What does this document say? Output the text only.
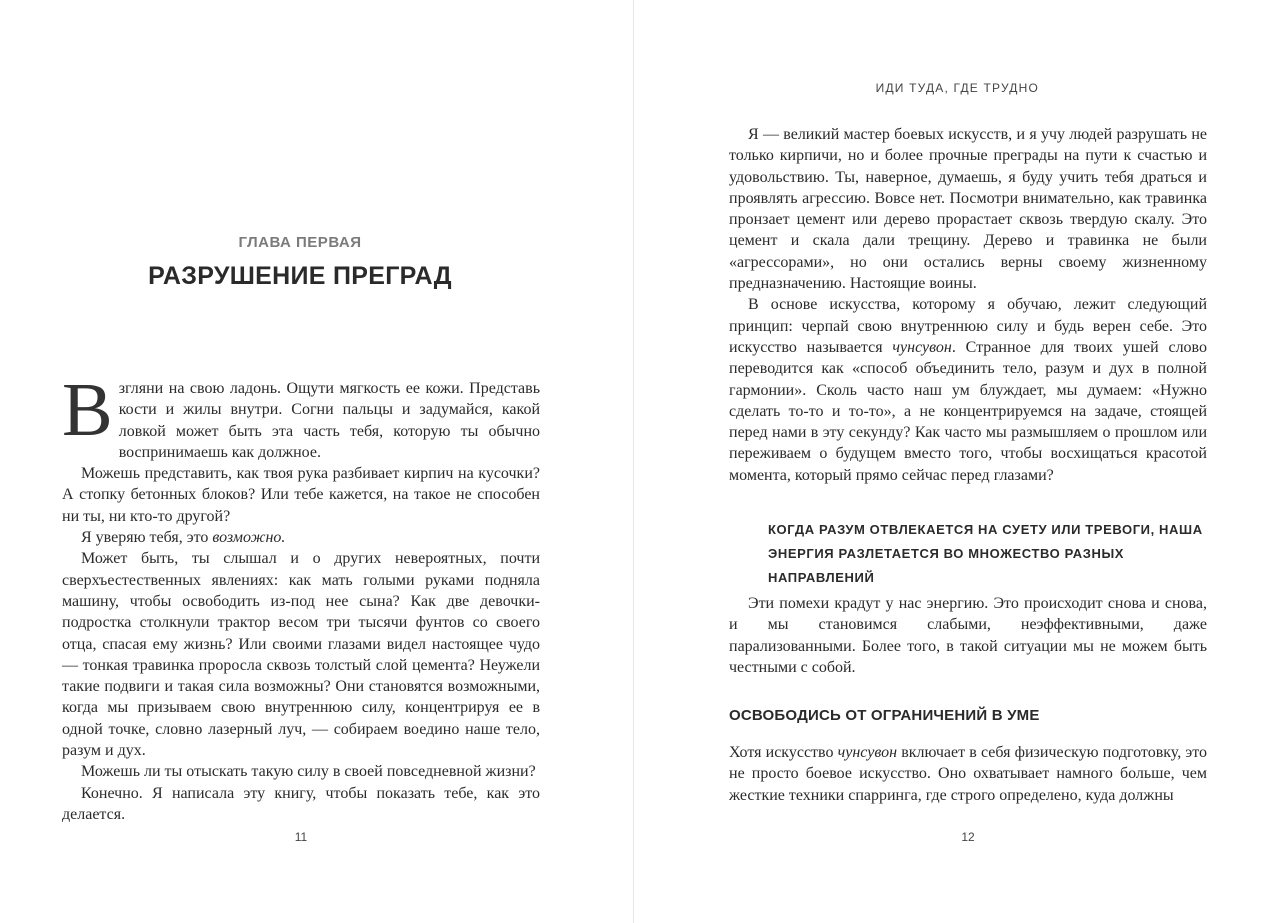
ГЛАВА ПЕРВАЯ
РАЗРУШЕНИЕ ПРЕГРАД

Взгляни на свою ладонь. Ощути мягкость ее кожи. Представь кости и жилы внутри. Согни пальцы и задумайся, какой ловкой может быть эта часть тебя, которую ты обычно воспринимаешь как должное.

Можешь представить, как твоя рука разбивает кирпич на кусочки? А стопку бетонных блоков? Или тебе кажется, на такое не способен ни ты, ни кто-то другой?

Я уверяю тебя, это возможно.

Может быть, ты слышал и о других невероятных, почти сверхъестественных явлениях: как мать голыми руками подняла машину, чтобы освободить из-под нее сына? Как две девочки-подростка столкнули трактор весом три тысячи фунтов со своего отца, спасая ему жизнь? Или своими глазами видел настоящее чудо — тонкая травинка проросла сквозь толстый слой цемента? Неужели такие подвиги и такая сила возможны? Они становятся возможными, когда мы призываем свою внутреннюю силу, концентрируя ее в одной точке, словно лазерный луч, — собираем воедино наше тело, разум и дух.

Можешь ли ты отыскать такую силу в своей повседневной жизни?

Конечно. Я написала эту книгу, чтобы показать тебе, как это делается.

11
ИДИ ТУДА, ГДЕ ТРУДНО

Я — великий мастер боевых искусств, и я учу людей разрушать не только кирпичи, но и более прочные преграды на пути к счастью и удовольствию. Ты, наверное, думаешь, я буду учить тебя драться и проявлять агрессию. Вовсе нет. Посмотри внимательно, как травинка пронзает цемент или дерево прорастает сквозь твердую скалу. Это цемент и скала дали трещину. Дерево и травинка не были «агрессорами», но они остались верны своему жизненному предназначению. Настоящие воины.

В основе искусства, которому я обучаю, лежит следующий принцип: черпай свою внутреннюю силу и будь верен себе. Это искусство называется чунсувон. Странное для твоих ушей слово переводится как «способ объединить тело, разум и дух в полной гармонии». Сколь часто наш ум блуждает, мы думаем: «Нужно сделать то-то и то-то», а не концентрируемся на задаче, стоящей перед нами в эту секунду? Как часто мы размышляем о прошлом или переживаем о будущем вместо того, чтобы восхищаться красотой момента, который прямо сейчас перед глазами?

КОГДА РАЗУМ ОТВЛЕКАЕТСЯ НА СУЕТУ ИЛИ ТРЕВОГИ, НАША ЭНЕРГИЯ РАЗЛЕТАЕТСЯ ВО МНОЖЕСТВО РАЗНЫХ НАПРАВЛЕНИЙ

Эти помехи крадут у нас энергию. Это происходит снова и снова, и мы становимся слабыми, неэффективными, даже парализованными. Более того, в такой ситуации мы не можем быть честными с собой.

ОСВОБОДИСЬ ОТ ОГРАНИЧЕНИЙ В УМЕ

Хотя искусство чунсувон включает в себя физическую подготовку, это не просто боевое искусство. Оно охватывает намного больше, чем жесткие техники спарринга, где строго определено, куда должны

12
